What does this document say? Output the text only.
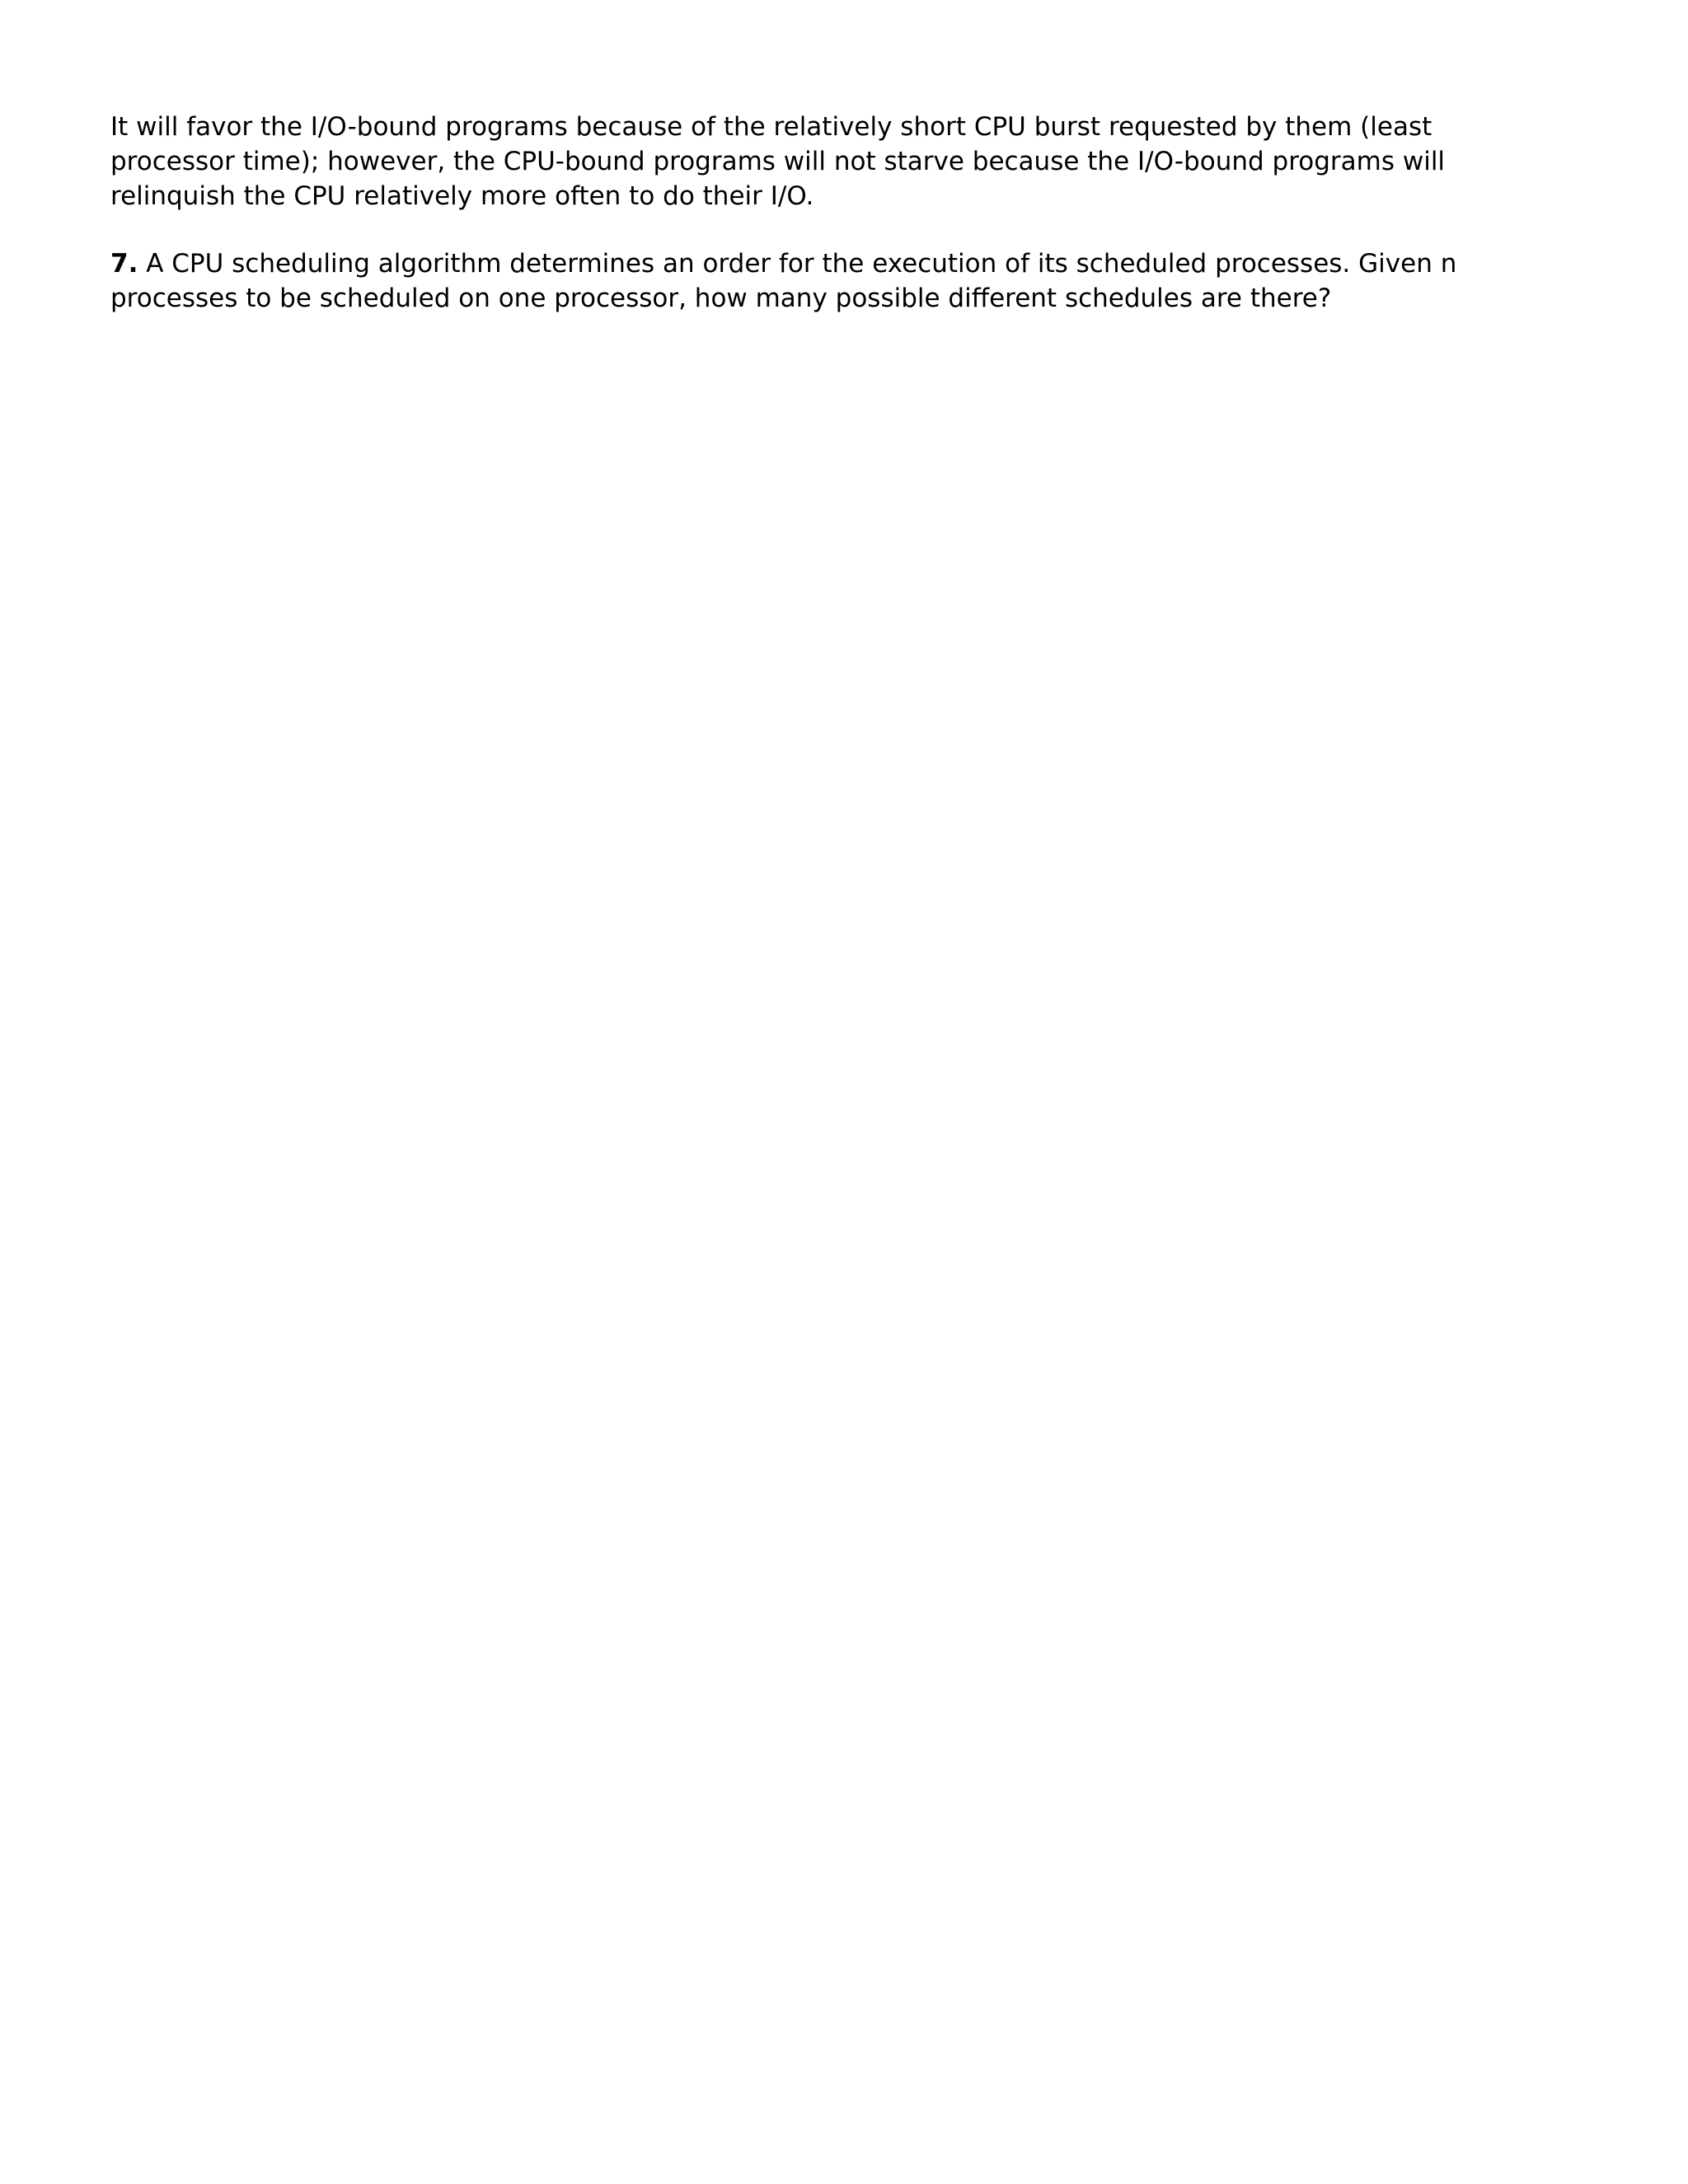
It will favor the I/O-bound programs because of the relatively short CPU burst requested by them (least
processor time); however, the CPU-bound programs will not starve because the I/O-bound programs will
relinquish the CPU relatively more often to do their I/O.
7. A CPU scheduling algorithm determines an order for the execution of its scheduled processes. Given n
processes to be scheduled on one processor, how many possible different schedules are there?
